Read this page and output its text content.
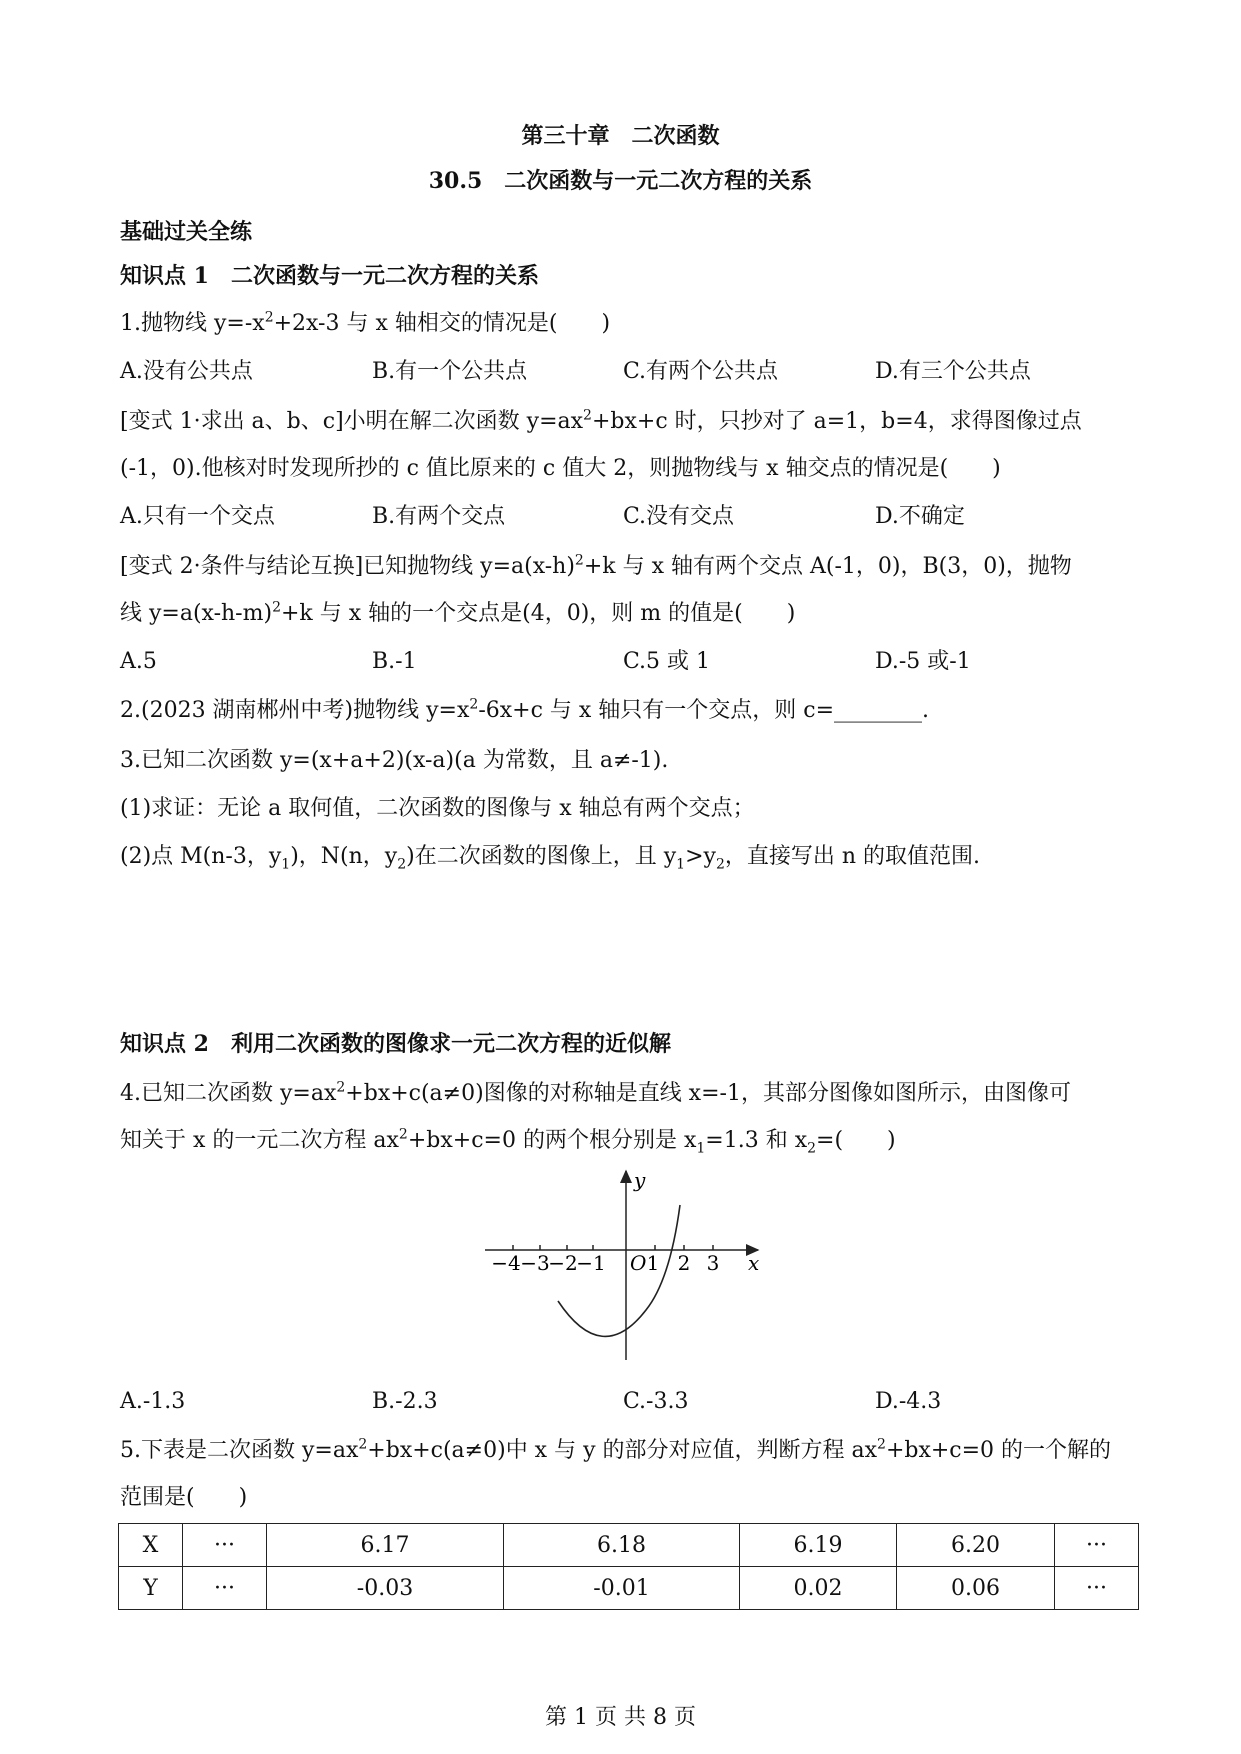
第三十章　二次函数
30.5　二次函数与一元二次方程的关系
基础过关全练
知识点 1　二次函数与一元二次方程的关系
1.抛物线 $y=-x^2+2x-3$ 与 x 轴相交的情况是(　　)
A.没有公共点	B.有一个公共点	C.有两个公共点	D.有三个公共点
[变式 1·求出 a、b、c]小明在解二次函数 $y=ax^2+bx+c$ 时，只抄对了 a=1，b=4，求得图像过点
(-1，0).他核对时发现所抄的 c 值比原来的 c 值大 2，则抛物线与 x 轴交点的情况是(　　)
A.只有一个交点	B.有两个交点	C.没有交点	D.不确定
[变式 2·条件与结论互换]已知抛物线 $y=a(x-h)^2+k$ 与 x 轴有两个交点 A(-1，0)，B(3，0)，抛物
线 $y=a(x-h-m)^2+k$ 与 x 轴的一个交点是(4，0)，则 m 的值是(　　)
A.5	B.-1	C.5 或 1	D.-5 或-1
2.(2023 湖南郴州中考)抛物线 $y=x^2-6x+c$ 与 x 轴只有一个交点，则 c=________.
3.已知二次函数 y=(x+a+2)(x-a)(a 为常数，且 a≠-1).
(1)求证：无论 a 取何值，二次函数的图像与 x 轴总有两个交点；
(2)点 M(n-3，$y_1$)，N(n，$y_2$)在二次函数的图像上，且 $y_1>y_2$，直接写出 n 的取值范围.
知识点 2　利用二次函数的图像求一元二次方程的近似解
4.已知二次函数 $y=ax^2+bx+c(a\ne 0)$图像的对称轴是直线 x=-1，其部分图像如图所示，由图像可
知关于 x 的一元二次方程 $ax^2+bx+c=0$ 的两个根分别是 $x_1=1.3$ 和 $x_2=$(　　)
y
x
O
−4 −3
−2
−1 1 2 3
A.-1.3	B.-2.3	C.-3.3	D.-4.3
5.下表是二次函数 $y=ax^2+bx+c(a\ne 0)$中 x 与 y 的部分对应值，判断方程 $ax^2+bx+c=0$ 的一个解的
范围是(　　)
X	···	6.17	6.18	6.19	6.20	···
Y	···	-0.03	-0.01	0.02	0.06	···
第 1 页 共 8 页
